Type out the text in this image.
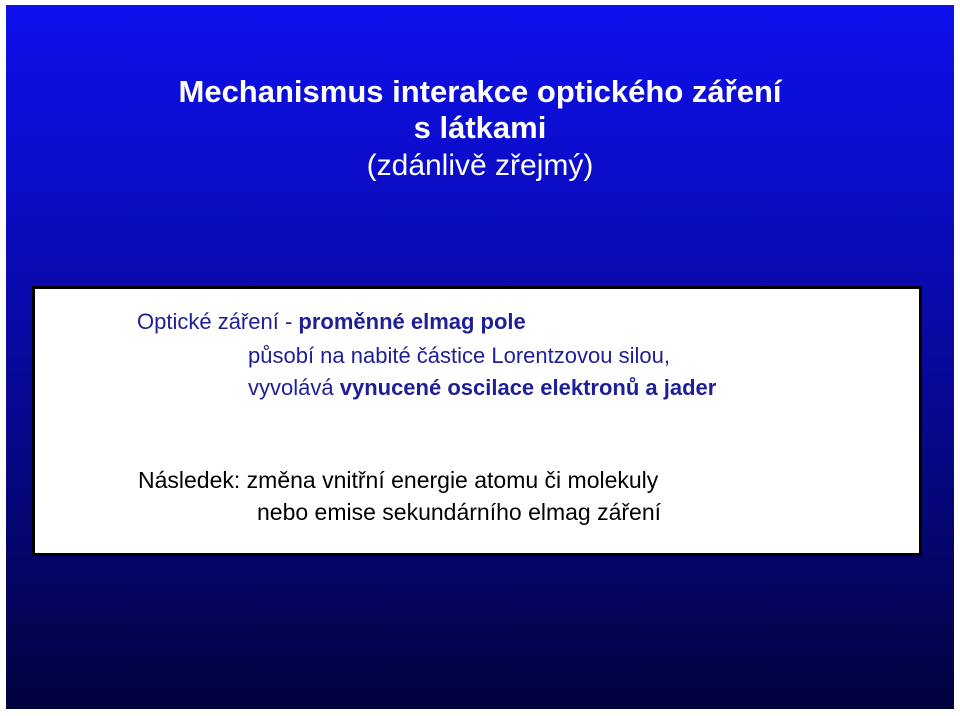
Mechanismus interakce optického záření
s látkami
(zdánlivě zřejmý)
Optické záření - proměnné elmag pole
působí na nabité částice Lorentzovou silou,
vyvolává vynucené oscilace elektronů a jader
Následek: změna vnitřní energie atomu či molekuly
nebo emise sekundárního elmag záření
